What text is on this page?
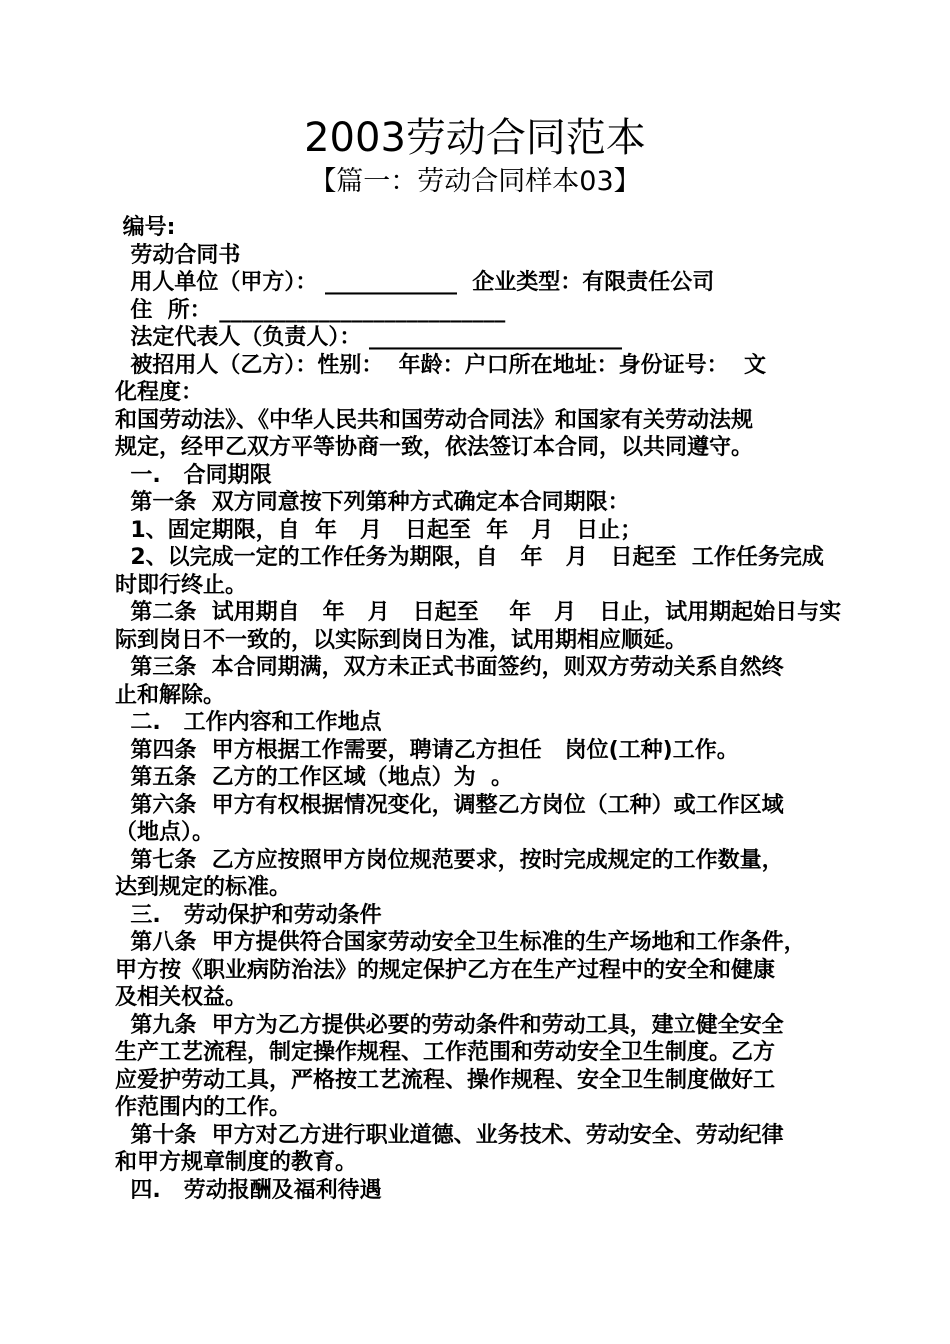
2003劳动合同范本
【篇一：劳动合同样本03】
编号:
劳动合同书
用人单位（甲方）： ____________  企业类型：有限责任公司
住  所： __________________________
法定代表人（负责人）： _______________________
被招用人（乙方）：性别：  年龄：户口所在地址：身份证号：  文
化程度：
和国劳动法》、《中华人民共和国劳动合同法》和国家有关劳动法规
规定，经甲乙双方平等协商一致，依法签订本合同，以共同遵守。
一.   合同期限
第一条  双方同意按下列第种方式确定本合同期限：
1、固定期限，自  年   月   日起至  年   月   日止；
2、以完成一定的工作任务为期限，自   年   月   日起至  工作任务完成
时即行终止。
第二条  试用期自   年   月   日起至    年   月   日止，试用期起始日与实
际到岗日不一致的，以实际到岗日为准，试用期相应顺延。
第三条  本合同期满，双方未正式书面签约，则双方劳动关系自然终
止和解除。
二.   工作内容和工作地点
第四条  甲方根据工作需要，聘请乙方担任   岗位(工种)工作。
第五条  乙方的工作区域（地点）为  。
第六条  甲方有权根据情况变化，调整乙方岗位（工种）或工作区域
（地点）。
第七条  乙方应按照甲方岗位规范要求，按时完成规定的工作数量，
达到规定的标准。
三.   劳动保护和劳动条件
第八条  甲方提供符合国家劳动安全卫生标准的生产场地和工作条件，
甲方按《职业病防治法》的规定保护乙方在生产过程中的安全和健康
及相关权益。
第九条  甲方为乙方提供必要的劳动条件和劳动工具，建立健全安全
生产工艺流程，制定操作规程、工作范围和劳动安全卫生制度。乙方
应爱护劳动工具，严格按工艺流程、操作规程、安全卫生制度做好工
作范围内的工作。
第十条  甲方对乙方进行职业道德、业务技术、劳动安全、劳动纪律
和甲方规章制度的教育。
四.   劳动报酬及福利待遇
